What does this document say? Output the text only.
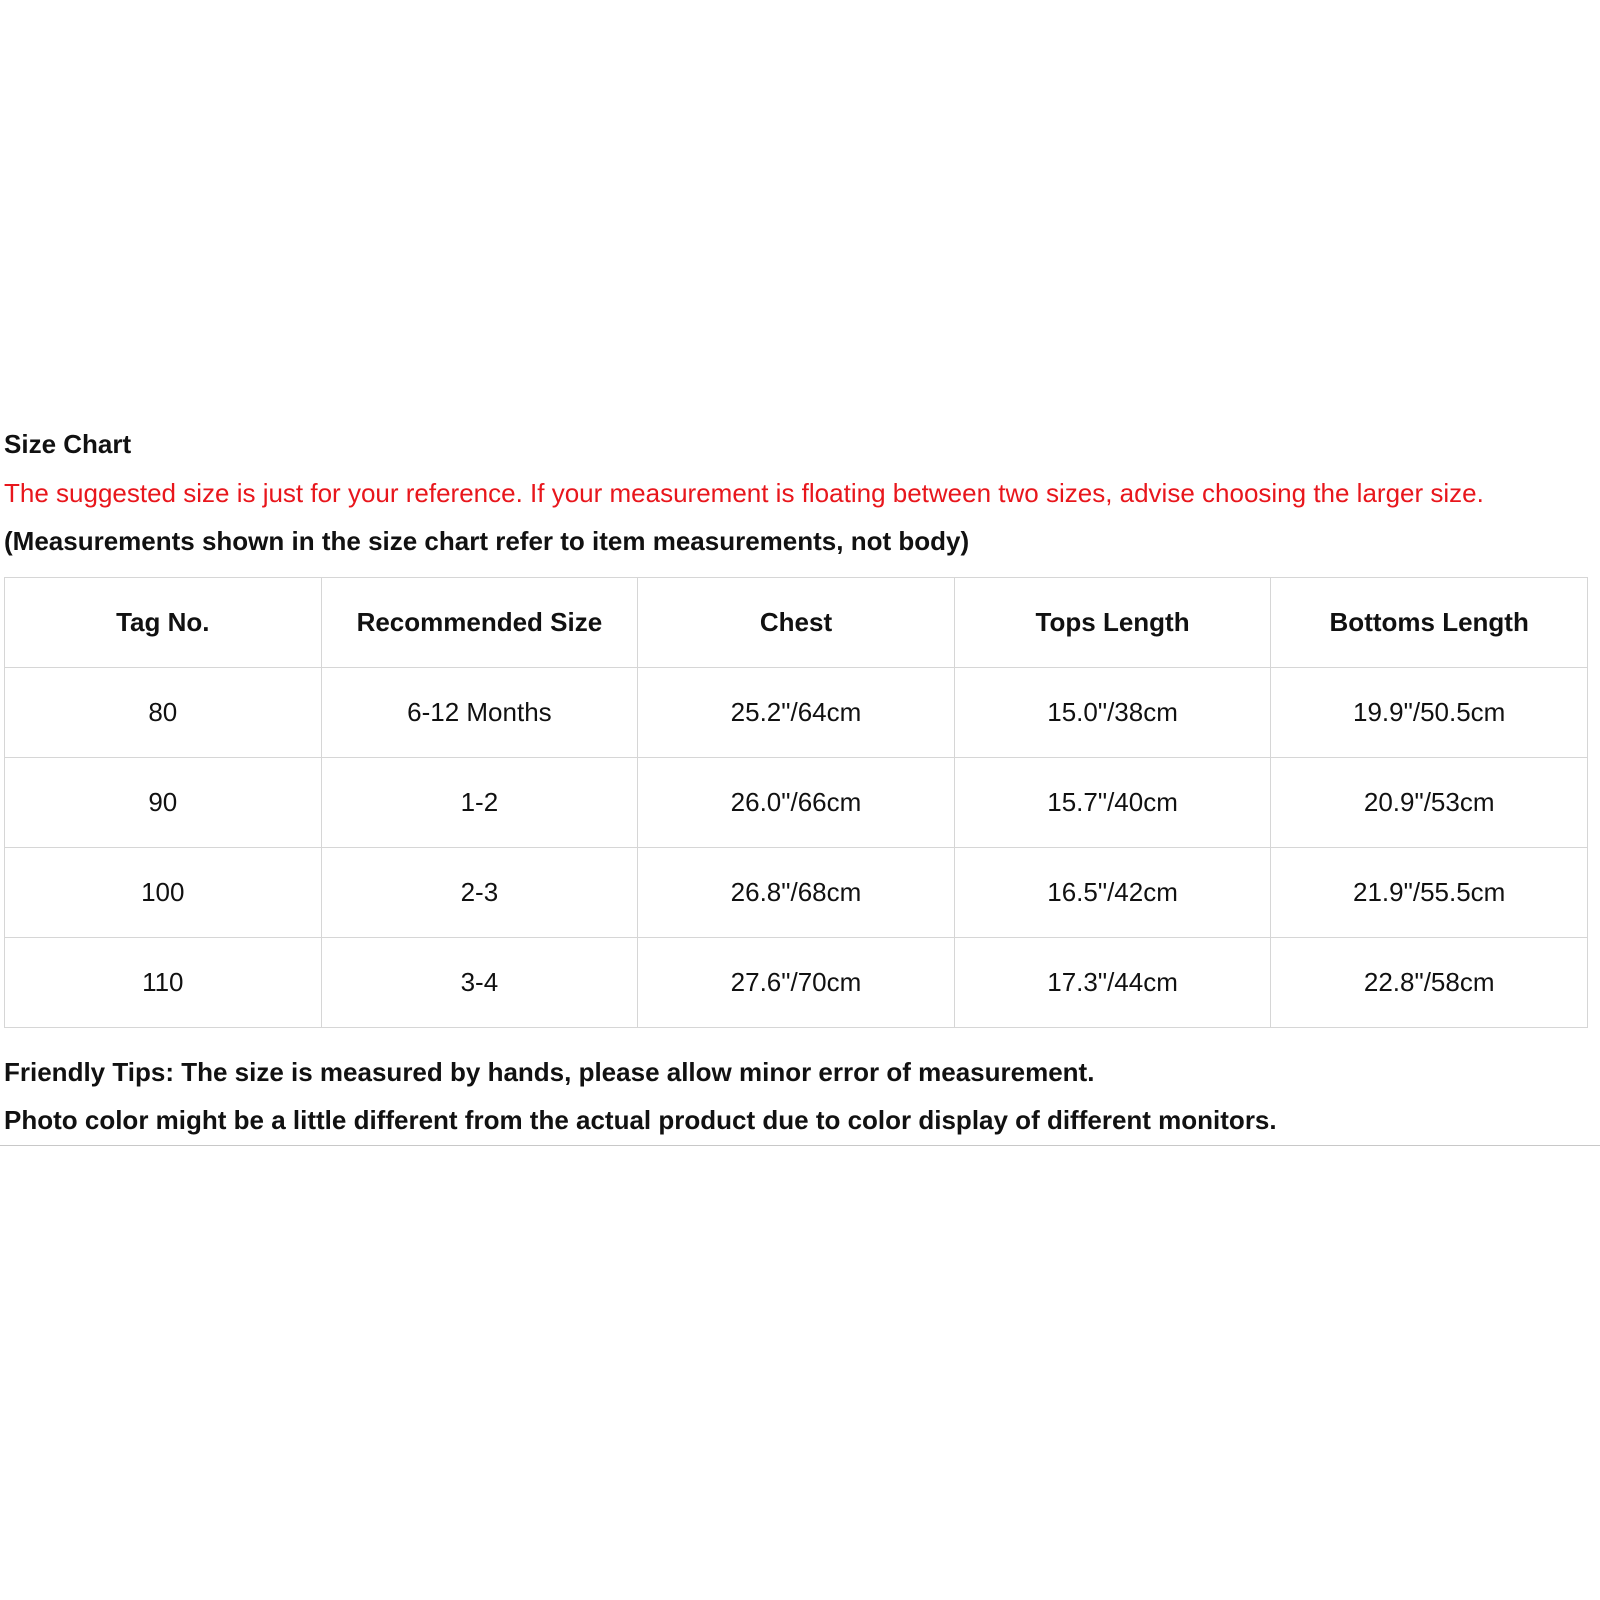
Size Chart
The suggested size is just for your reference. If your measurement is floating between two sizes, advise choosing the larger size.
(Measurements shown in the size chart refer to item measurements, not body)
Tag No.	Recommended Size	Chest	Tops Length	Bottoms Length
80	6-12 Months	25.2"/64cm	15.0"/38cm	19.9"/50.5cm
90	1-2	26.0"/66cm	15.7"/40cm	20.9"/53cm
100	2-3	26.8"/68cm	16.5"/42cm	21.9"/55.5cm
110	3-4	27.6"/70cm	17.3"/44cm	22.8"/58cm
Friendly Tips: The size is measured by hands, please allow minor error of measurement.
Photo color might be a little different from the actual product due to color display of different monitors.
